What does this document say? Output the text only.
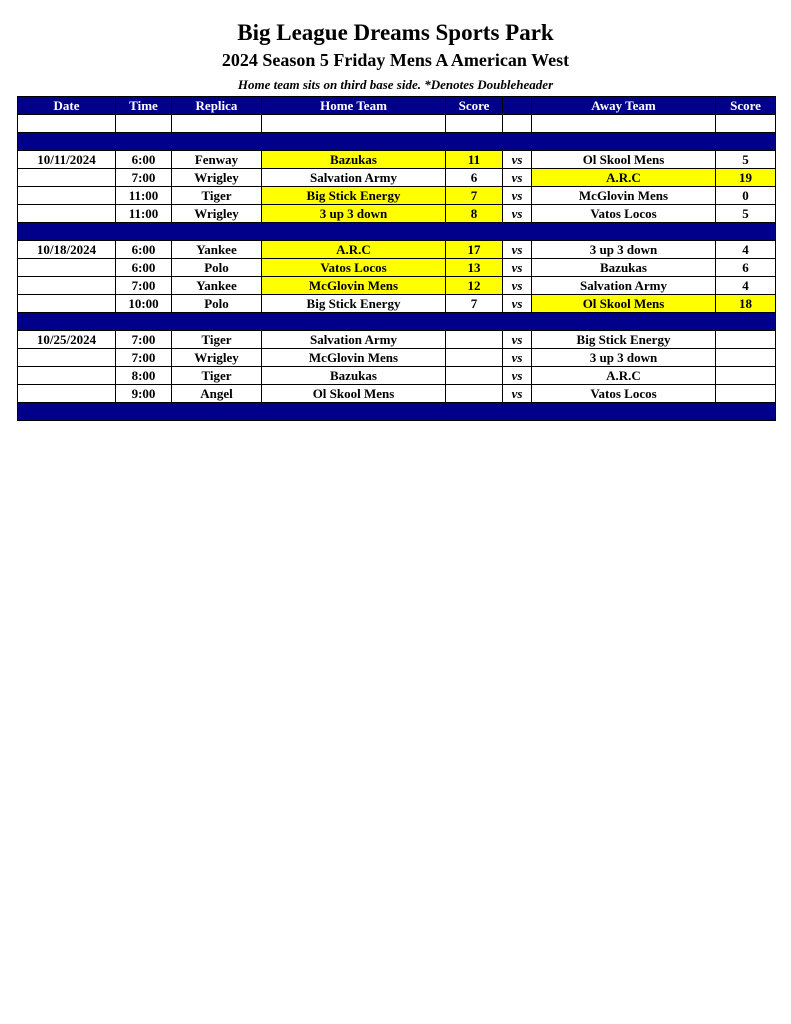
Big League Dreams Sports Park
2024 Season 5 Friday Mens A American West
Home team sits on third base side. *Denotes Doubleheader
Date	Time	Replica	Home Team	Score		Away Team	Score

10/11/2024	6:00	Fenway	Bazukas	11	vs	Ol Skool Mens	5
	7:00	Wrigley	Salvation Army	6	vs	A.R.C	19
	11:00	Tiger	Big Stick Energy	7	vs	McGlovin Mens	0
	11:00	Wrigley	3 up 3 down	8	vs	Vatos Locos	5

10/18/2024	6:00	Yankee	A.R.C	17	vs	3 up 3 down	4
	6:00	Polo	Vatos Locos	13	vs	Bazukas	6
	7:00	Yankee	McGlovin Mens	12	vs	Salvation Army	4
	10:00	Polo	Big Stick Energy	7	vs	Ol Skool Mens	18

10/25/2024	7:00	Tiger	Salvation Army		vs	Big Stick Energy	
	7:00	Wrigley	McGlovin Mens		vs	3 up 3 down	
	8:00	Tiger	Bazukas		vs	A.R.C	
	9:00	Angel	Ol Skool Mens		vs	Vatos Locos	
